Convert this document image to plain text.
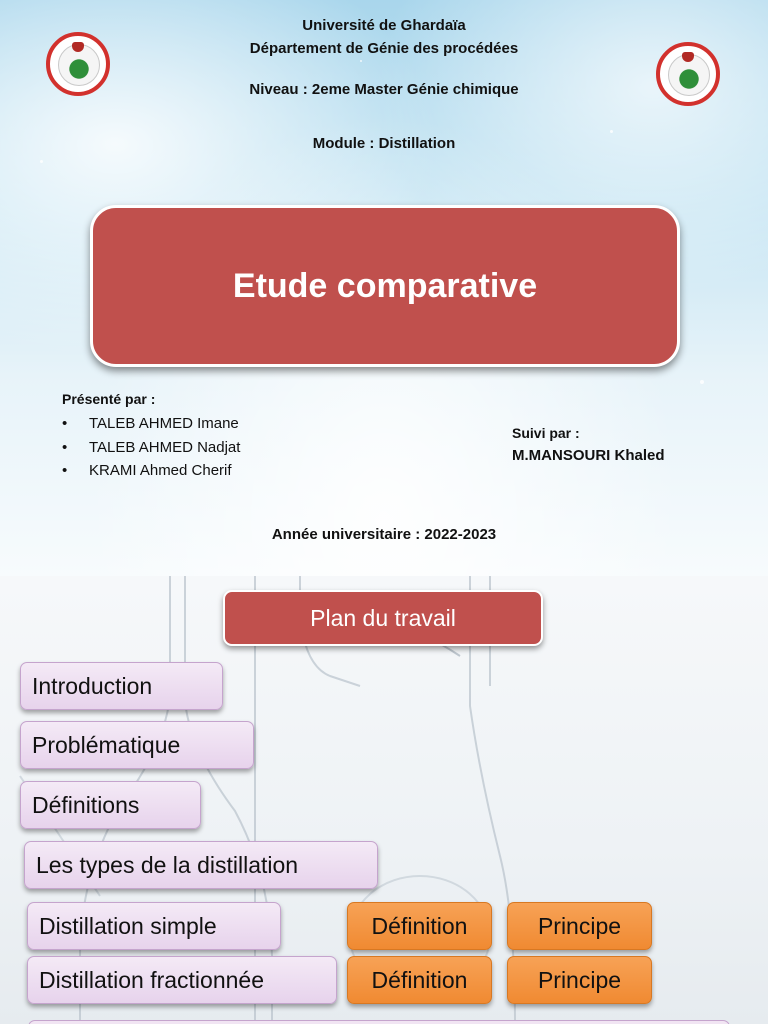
Université de Ghardaïa
Département de Génie des procédées
Niveau : 2eme Master Génie chimique
Module : Distillation
Etude comparative
Présenté par :
• TALEB AHMED Imane
• TALEB AHMED Nadjat
• KRAMI Ahmed Cherif
Suivi par :
M.MANSOURI Khaled
Année universitaire : 2022-2023
Plan du travail
Introduction
Problématique
Définitions
Les types de la distillation
Distillation simple
Distillation fractionnée
Définition	Principe
Définition	Principe
